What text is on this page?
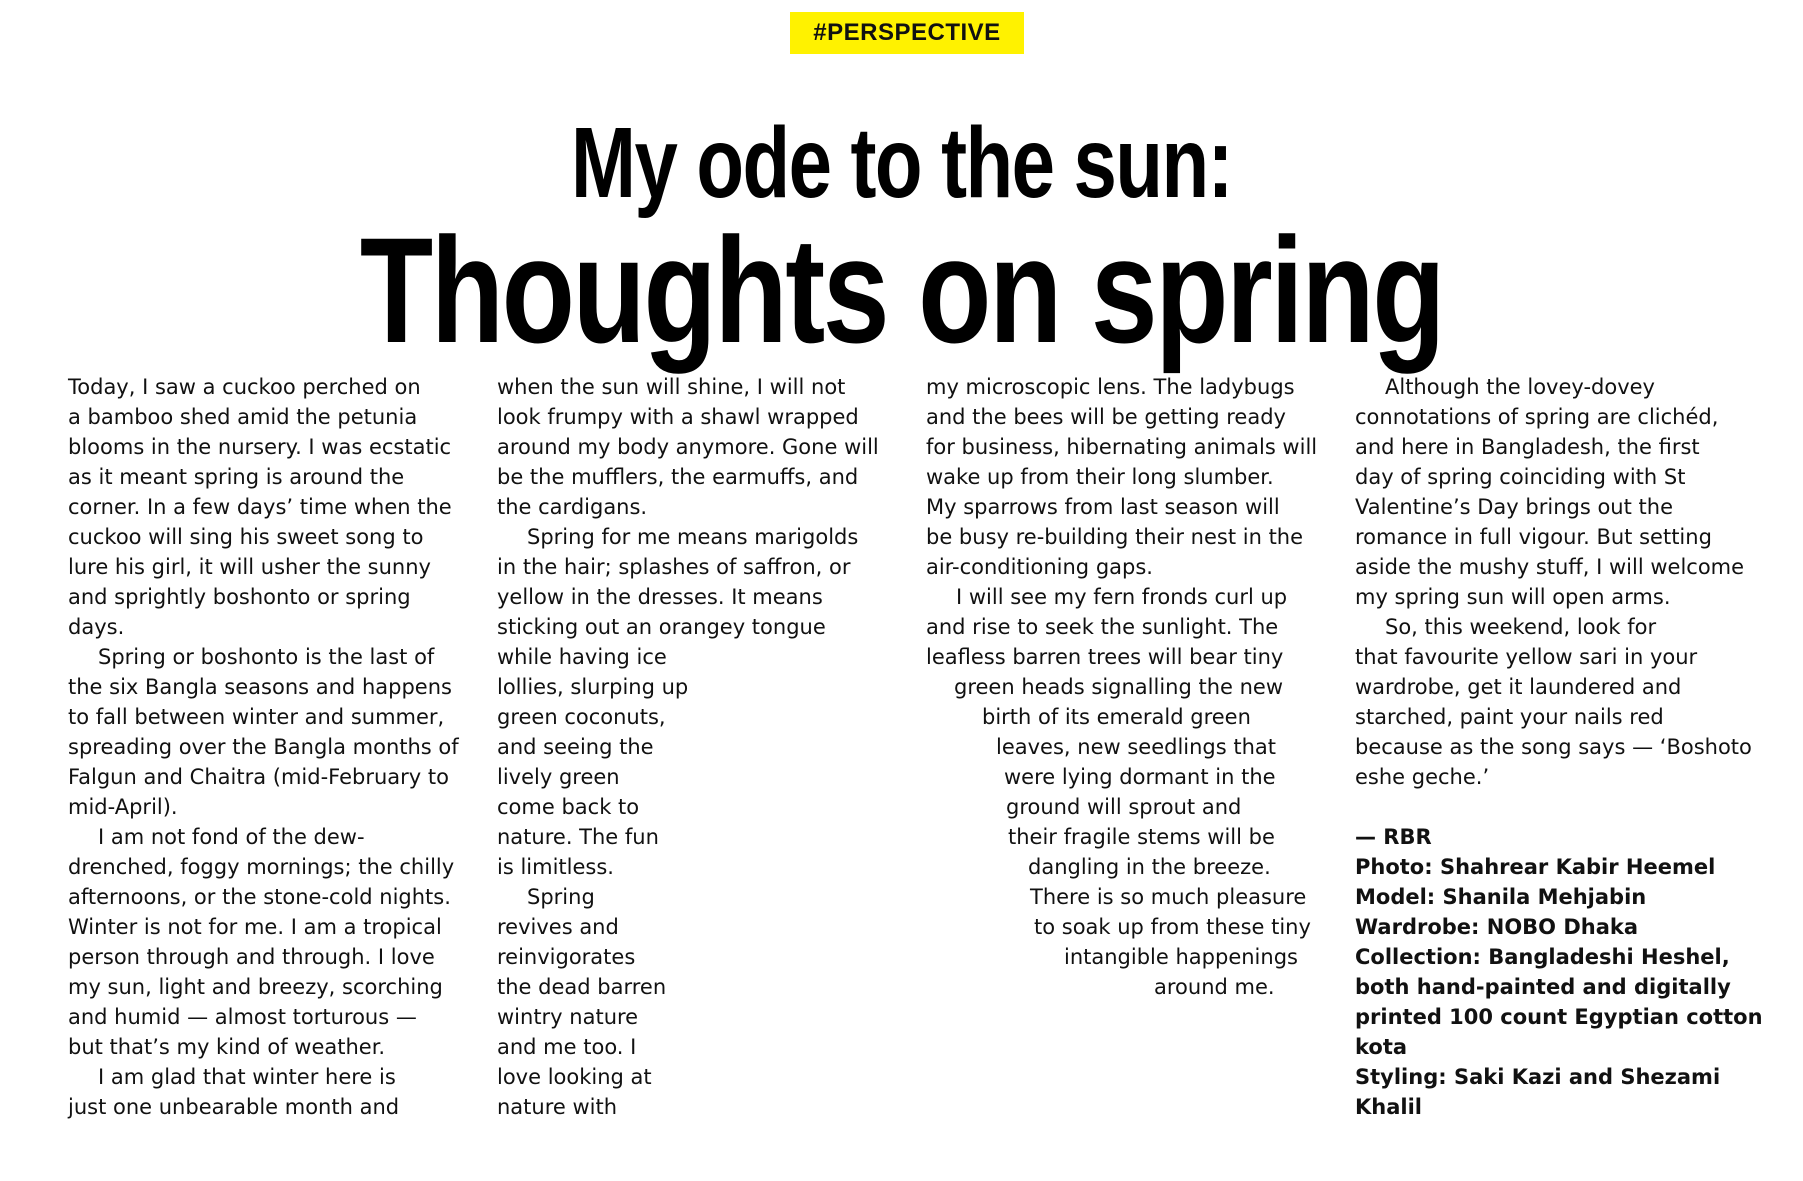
#PERSPECTIVE
My ode to the sun:
Thoughts on spring
Today, I saw a cuckoo perched on
a bamboo shed amid the petunia
blooms in the nursery. I was ecstatic
as it meant spring is around the
corner. In a few days’ time when the
cuckoo will sing his sweet song to
lure his girl, it will usher the sunny
and sprightly boshonto or spring
days.
Spring or boshonto is the last of
the six Bangla seasons and happens
to fall between winter and summer,
spreading over the Bangla months of
Falgun and Chaitra (mid-February to
mid-April).
I am not fond of the dew-
drenched, foggy mornings; the chilly
afternoons, or the stone-cold nights.
Winter is not for me. I am a tropical
person through and through. I love
my sun, light and breezy, scorching
and humid — almost torturous —
but that’s my kind of weather.
I am glad that winter here is
just one unbearable month and
when the sun will shine, I will not
look frumpy with a shawl wrapped
around my body anymore. Gone will
be the mufflers, the earmuffs, and
the cardigans.
Spring for me means marigolds
in the hair; splashes of saffron, or
yellow in the dresses. It means
sticking out an orangey tongue
while having ice
lollies, slurping up
green coconuts,
and seeing the
lively green
come back to
nature. The fun
is limitless.
Spring
revives and
reinvigorates
the dead barren
wintry nature
and me too. I
love looking at
nature with
my microscopic lens. The ladybugs
and the bees will be getting ready
for business, hibernating animals will
wake up from their long slumber.
My sparrows from last season will
be busy re-building their nest in the
air-conditioning gaps.
I will see my fern fronds curl up
and rise to seek the sunlight. The
leafless barren trees will bear tiny
green heads signalling the new
birth of its emerald green
leaves, new seedlings that
were lying dormant in the
ground will sprout and
their fragile stems will be
dangling in the breeze.
There is so much pleasure
to soak up from these tiny
intangible happenings
around me.
Although the lovey-dovey
connotations of spring are clichéd,
and here in Bangladesh, the first
day of spring coinciding with St
Valentine’s Day brings out the
romance in full vigour. But setting
aside the mushy stuff, I will welcome
my spring sun will open arms.
So, this weekend, look for
that favourite yellow sari in your
wardrobe, get it laundered and
starched, paint your nails red
because as the song says — ‘Boshoto
eshe geche.’
— RBR
Photo: Shahrear Kabir Heemel
Model: Shanila Mehjabin
Wardrobe: NOBO Dhaka
Collection: Bangladeshi Heshel,
both hand-painted and digitally
printed 100 count Egyptian cotton
kota
Styling: Saki Kazi and Shezami
Khalil
